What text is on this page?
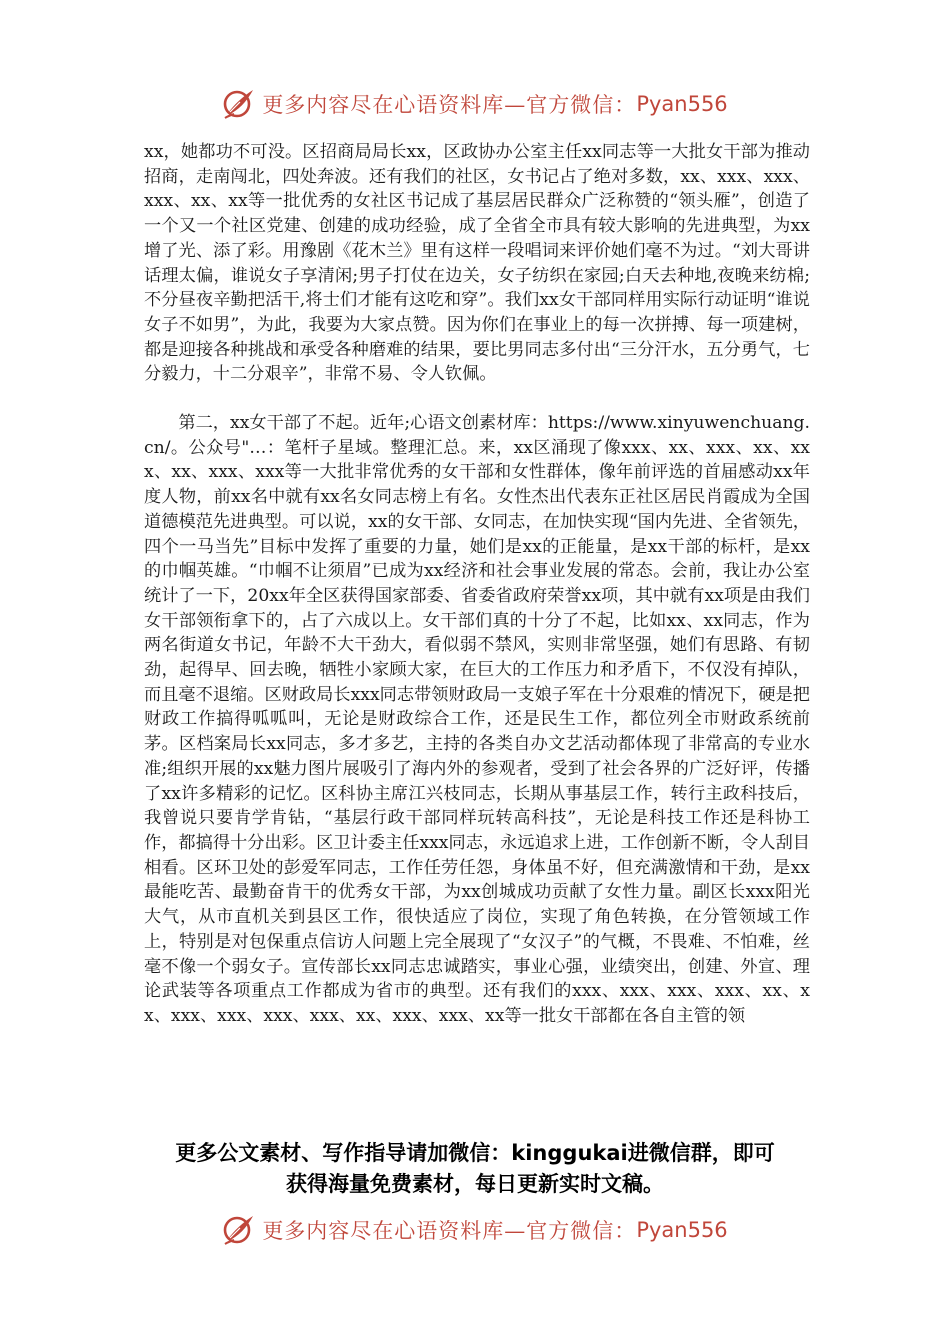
更多内容尽在心语资料库—官方微信： Pyan556

xx，她都功不可没。区招商局局长xx，区政协办公室主任xx同志等一大批女干部为推动招商，走南闯北，四处奔波。还有我们的社区，女书记占了绝对多数，xx、xxx、xxx、xxx、xx、xx等一批优秀的女社区书记成了基层居民群众广泛称赞的“领头雁”，创造了一个又一个社区党建、创建的成功经验，成了全省全市具有较大影响的先进典型，为xx增了光、添了彩。用豫剧《花木兰》里有这样一段唱词来评价她们毫不为过。“刘大哥讲话理太偏，谁说女子享清闲;男子打仗在边关，女子纺织在家园;白天去种地,夜晚来纺棉;不分昼夜辛勤把活干,将士们才能有这吃和穿”。我们xx女干部同样用实际行动证明“谁说女子不如男”，为此，我要为大家点赞。因为你们在事业上的每一次拼搏、每一项建树，都是迎接各种挑战和承受各种磨难的结果，要比男同志多付出“三分汗水，五分勇气，七分毅力，十二分艰辛”，非常不易、令人钦佩。

第二，xx女干部了不起。近年;心语文创素材库：https://www.xinyuwenchuang.cn/。公众号"…：笔杆子星域。整理汇总。来，xx区涌现了像xxx、xx、xxx、xx、xxx、xx、xxx、xxx等一大批非常优秀的女干部和女性群体，像年前评选的首届感动xx年度人物，前xx名中就有xx名女同志榜上有名。女性杰出代表东正社区居民肖霞成为全国道德模范先进典型。可以说，xx的女干部、女同志，在加快实现“国内先进、全省领先，四个一马当先”目标中发挥了重要的力量，她们是xx的正能量，是xx干部的标杆，是xx的巾帼英雄。“巾帼不让须眉”已成为xx经济和社会事业发展的常态。会前，我让办公室统计了一下，20xx年全区获得国家部委、省委省政府荣誉xx项，其中就有xx项是由我们女干部领衔拿下的，占了六成以上。女干部们真的十分了不起，比如xx、xx同志，作为两名街道女书记，年龄不大干劲大，看似弱不禁风，实则非常坚强，她们有思路、有韧劲，起得早、回去晚，牺牲小家顾大家，在巨大的工作压力和矛盾下，不仅没有掉队，而且毫不退缩。区财政局长xxx同志带领财政局一支娘子军在十分艰难的情况下，硬是把财政工作搞得呱呱叫，无论是财政综合工作，还是民生工作，都位列全市财政系统前茅。区档案局长xx同志，多才多艺，主持的各类自办文艺活动都体现了非常高的专业水准;组织开展的xx魅力图片展吸引了海内外的参观者，受到了社会各界的广泛好评，传播了xx许多精彩的记忆。区科协主席江兴枝同志，长期从事基层工作，转行主政科技后，我曾说只要肯学肯钻，“基层行政干部同样玩转高科技”，无论是科技工作还是科协工作，都搞得十分出彩。区卫计委主任xxx同志，永远追求上进，工作创新不断，令人刮目相看。区环卫处的彭爱军同志，工作任劳任怨，身体虽不好，但充满激情和干劲，是xx最能吃苦、最勤奋肯干的优秀女干部，为xx创城成功贡献了女性力量。副区长xxx阳光大气，从市直机关到县区工作，很快适应了岗位，实现了角色转换，在分管领域工作上，特别是对包保重点信访人问题上完全展现了“女汉子”的气概，不畏难、不怕难，丝毫不像一个弱女子。宣传部长xx同志忠诚踏实，事业心强，业绩突出，创建、外宣、理论武装等各项重点工作都成为省市的典型。还有我们的xxx、xxx、xxx、xxx、xx、xx、xxx、xxx、xxx、xxx、xx、xxx、xxx、xx等一批女干部都在各自主管的领

更多公文素材、写作指导请加微信：kinggukai进微信群，即可
获得海量免费素材，每日更新实时文稿。
更多内容尽在心语资料库—官方微信： Pyan556
